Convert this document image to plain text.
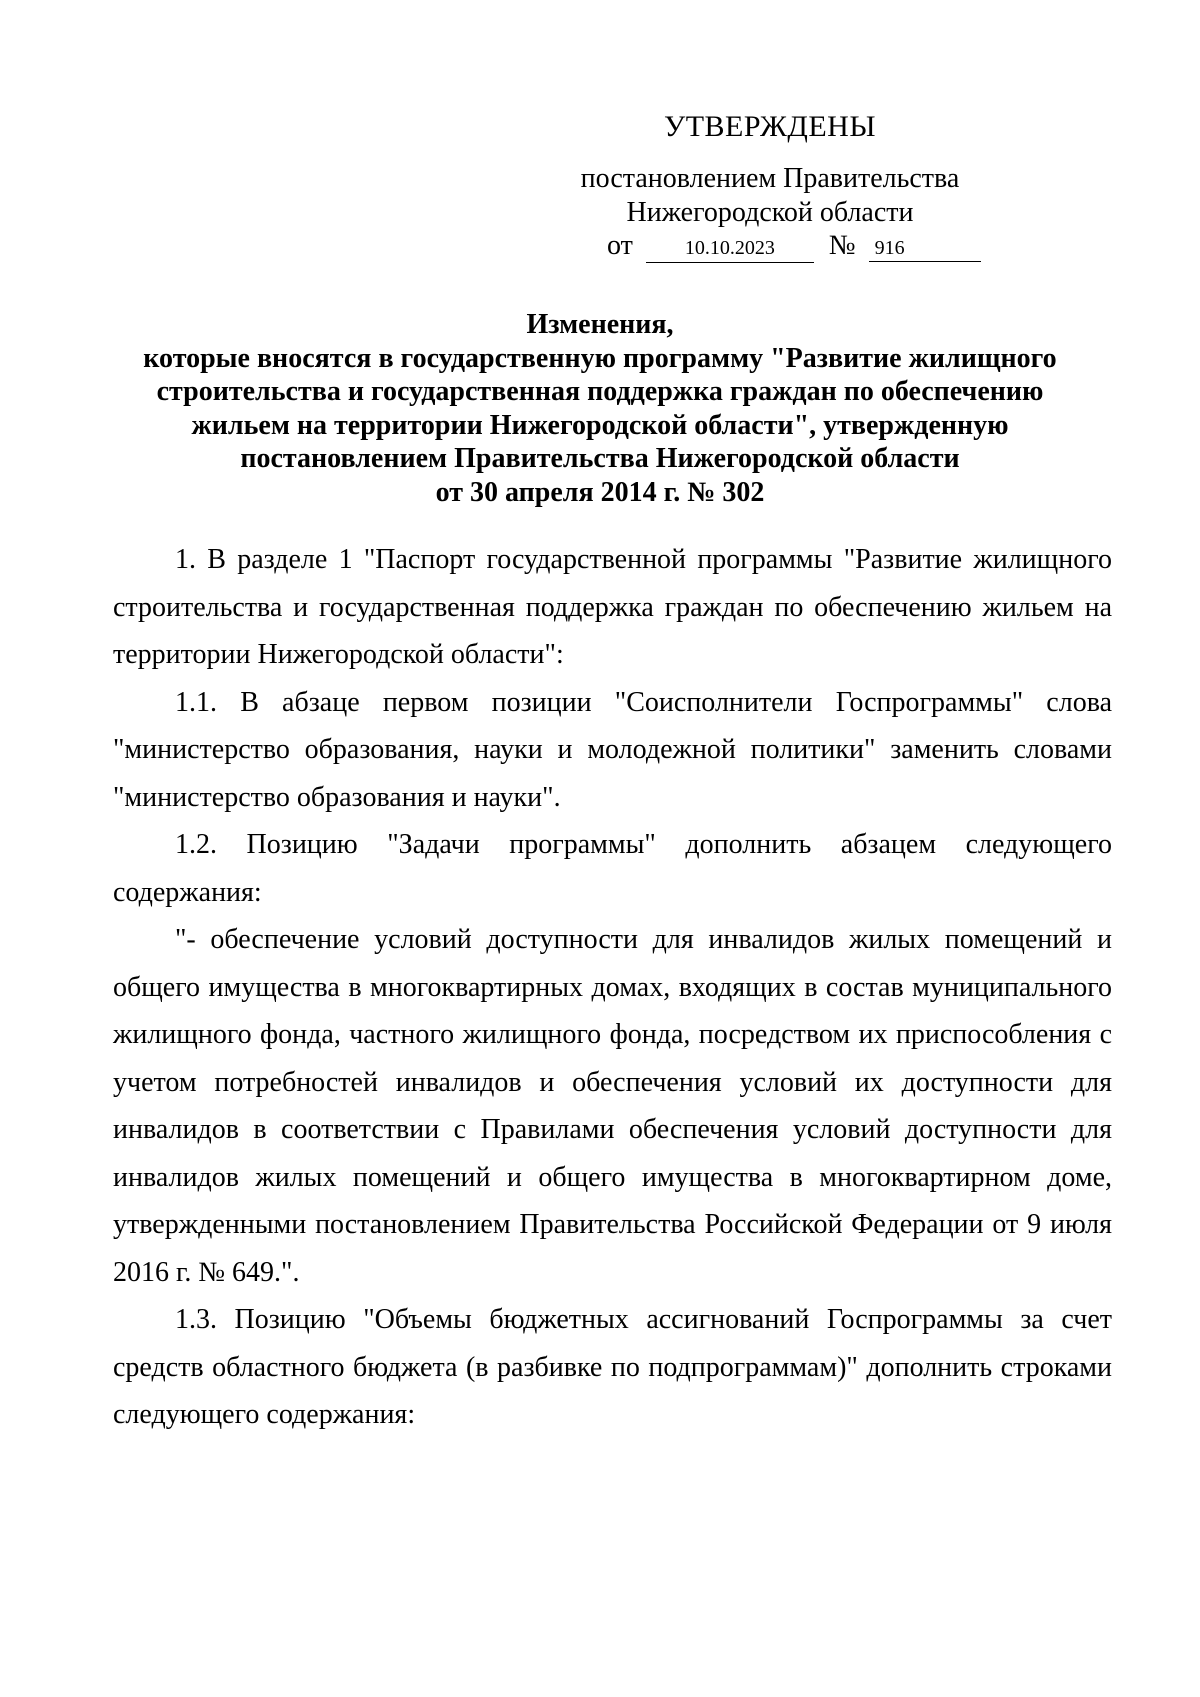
УТВЕРЖДЕНЫ
постановлением Правительства
Нижегородской области
от	10.10.2023 № 916
Изменения,
которые вносятся в государственную программу "Развитие жилищного
строительства и государственная поддержка граждан по обеспечению
жильем на территории Нижегородской области", утвержденную
постановлением Правительства Нижегородской области
от 30 апреля 2014 г. № 302

1. В разделе 1 "Паспорт государственной программы "Развитие жилищного строительства и государственная поддержка граждан по обеспечению жильем на территории Нижегородской области":

1.1. В абзаце первом позиции "Соисполнители Госпрограммы" слова "министерство образования, науки и молодежной политики" заменить словами "министерство образования и науки".

1.2. Позицию "Задачи программы" дополнить абзацем следующего содержания:

"- обеспечение условий доступности для инвалидов жилых помещений и общего имущества в многоквартирных домах, входящих в состав муниципального жилищного фонда, частного жилищного фонда, посредством их приспособления с учетом потребностей инвалидов и обеспечения условий их доступности для инвалидов в соответствии с Правилами обеспечения условий доступности для инвалидов жилых помещений и общего имущества в многоквартирном доме, утвержденными постановлением Правительства Российской Федерации от 9 июля 2016 г. № 649.".

1.3. Позицию "Объемы бюджетных ассигнований Госпрограммы за счет средств областного бюджета (в разбивке по подпрограммам)" дополнить строками следующего содержания:
